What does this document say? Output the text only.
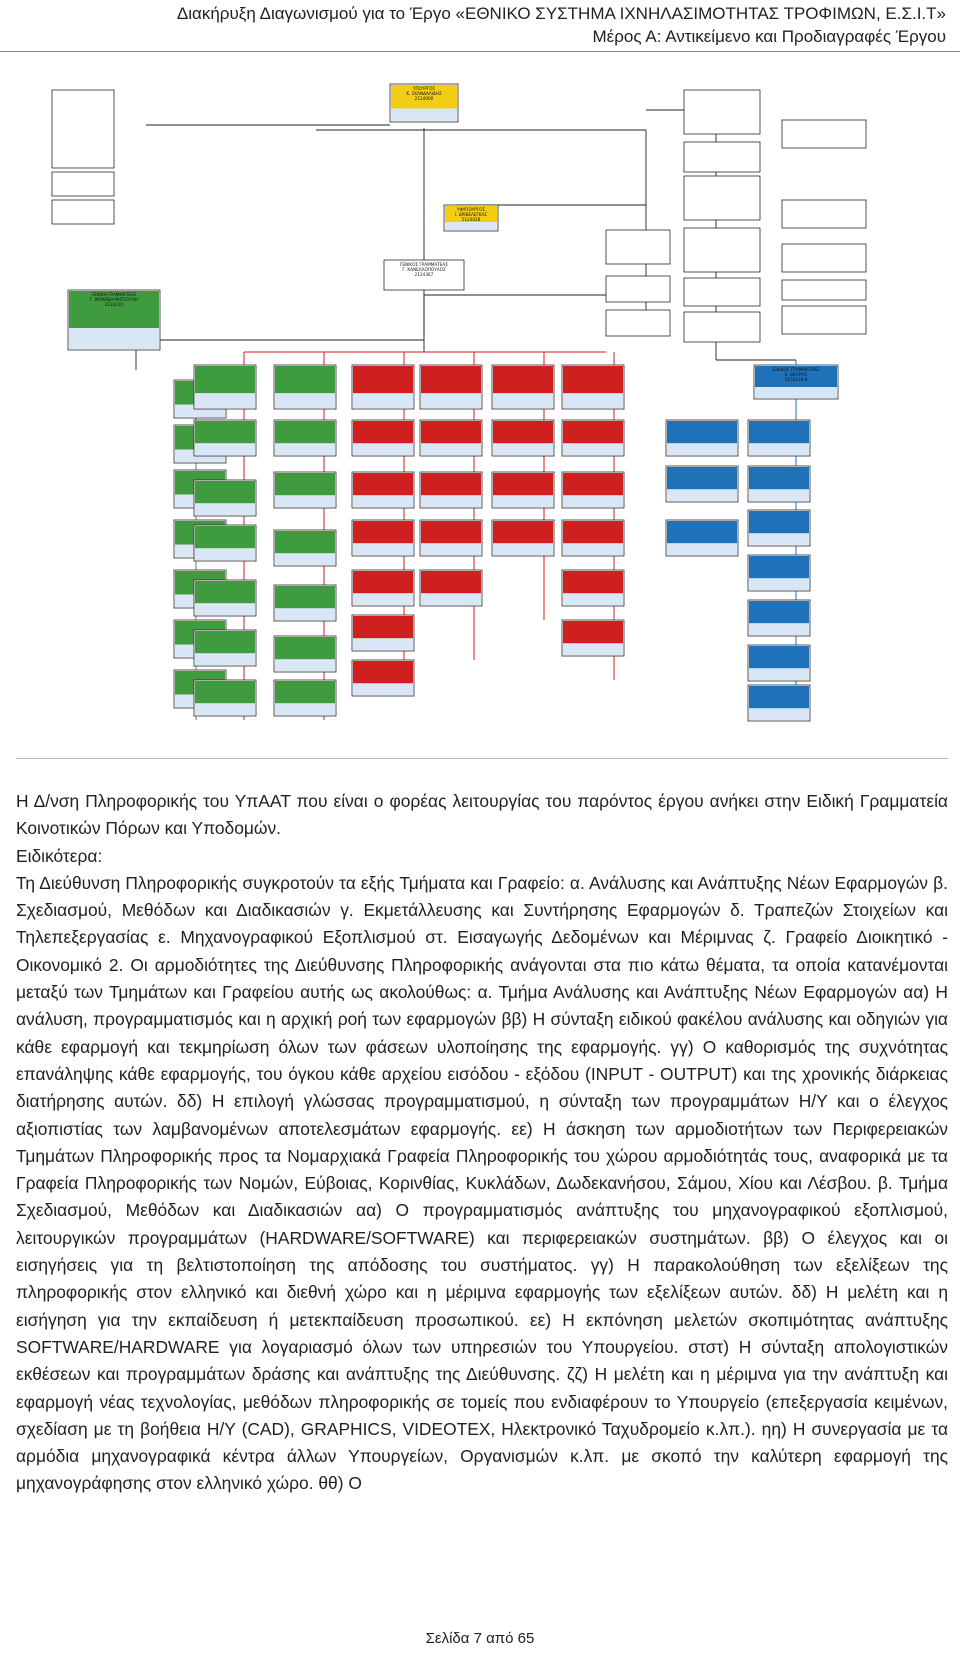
Διακήρυξη Διαγωνισμού για το Έργο «ΕΘΝΙΚΟ ΣΥΣΤΗΜΑ ΙΧΝΗΛΑΣΙΜΟΤΗΤΑΣ ΤΡΟΦΙΜΩΝ, Ε.Σ.Ι.Τ»
Μέρος Α: Αντικείμενο και Προδιαγραφές Έργου
ΥΠΟΥΡΓΟΣ
Κ. ΣΚΑΝΔΑΛΙΔΗΣ
2124000
ΥΦΥΠΟΥΡΓΟΣ
Ι. ΔΡΙΒΕΛΕΓΚΑΣ
2124028
ΓΕΝΙΚΟΣ ΓΡΑΜΜΑΤΕΑΣ
Γ. ΚΑΝΕΛΛΟΠΟΥΛΟΣ
2124367
ΓΕΝΙΚΗ ΓΡΑΜΜΑΤΕΑΣ
Γ. ΜΠΑΡΔΗ-ΜΗΤΣΟΥΛΗ
2124231
ΕΙΔΙΚΟΣ ΓΡΑΜΜΑΤΕΑΣ
Ε. ΘΕΑΡΗΣ
5276124-8

Η Δ/νση Πληροφορικής του ΥπΑΑΤ που είναι ο φορέας λειτουργίας του παρόντος έργου ανήκει στην Ειδική Γραμματεία Κοινοτικών Πόρων και Υποδομών.

Ειδικότερα:

Τη Διεύθυνση Πληροφορικής συγκροτούν τα εξής Τμήματα και Γραφείο: α. Ανάλυσης και Ανάπτυξης Νέων Εφαρμογών β. Σχεδιασμού, Μεθόδων και Διαδικασιών γ. Εκμετάλλευσης και Συντήρησης Εφαρμογών δ. Τραπεζών Στοιχείων και Τηλεπεξεργασίας ε. Μηχανογραφικού Εξοπλισμού στ. Εισαγωγής Δεδομένων και Μέριμνας ζ. Γραφείο Διοικητικό - Οικονομικό 2. Οι αρμοδιότητες της Διεύθυνσης Πληροφορικής ανάγονται στα πιο κάτω θέματα, τα οποία κατανέμονται μεταξύ των Τμημάτων και Γραφείου αυτής ως ακολούθως: α. Τμήμα Ανάλυσης και Ανάπτυξης Νέων Εφαρμογών αα) Η ανάλυση, προγραμματισμός και η αρχική ροή των εφαρμογών ββ) Η σύνταξη ειδικού φακέλου ανάλυσης και οδηγιών για κάθε εφαρμογή και τεκμηρίωση όλων των φάσεων υλοποίησης της εφαρμογής. γγ) Ο καθορισμός της συχνότητας επανάληψης κάθε εφαρμογής, του όγκου κάθε αρχείου εισόδου - εξόδου (INPUT - OUTPUT) και της χρονικής διάρκειας διατήρησης αυτών. δδ) Η επιλογή γλώσσας προγραμματισμού, η σύνταξη των προγραμμάτων Η/Υ και ο έλεγχος αξιοπιστίας των λαμβανομένων αποτελεσμάτων εφαρμογής. εε) Η άσκηση των αρμοδιοτήτων των Περιφερειακών Τμημάτων Πληροφορικής προς τα Νομαρχιακά Γραφεία Πληροφορικής του χώρου αρμοδιότητάς τους, αναφορικά με τα Γραφεία Πληροφορικής των Νομών, Εύβοιας, Κορινθίας, Κυκλάδων, Δωδεκανήσου, Σάμου, Χίου και Λέσβου. β. Τμήμα Σχεδιασμού, Μεθόδων και Διαδικασιών αα) Ο προγραμματισμός ανάπτυξης του μηχανογραφικού εξοπλισμού, λειτουργικών προγραμμάτων (HARDWARE/SOFTWARE) και περιφερειακών συστημάτων. ββ) Ο έλεγχος και οι εισηγήσεις για τη βελτιστοποίηση της απόδοσης του συστήματος. γγ) Η παρακολούθηση των εξελίξεων της πληροφορικής στον ελληνικό και διεθνή χώρο και η μέριμνα εφαρμογής των εξελίξεων αυτών. δδ) Η μελέτη και η εισήγηση για την εκπαίδευση ή μετεκπαίδευση προσωπικού. εε) Η εκπόνηση μελετών σκοπιμότητας ανάπτυξης SOFTWARE/HARDWARE για λογαριασμό όλων των υπηρεσιών του Υπουργείου. στστ) Η σύνταξη απολογιστικών εκθέσεων και προγραμμάτων δράσης και ανάπτυξης της Διεύθυνσης. ζζ) Η μελέτη και η μέριμνα για την ανάπτυξη και εφαρμογή νέας τεχνολογίας, μεθόδων πληροφορικής σε τομείς που ενδιαφέρουν το Υπουργείο (επεξεργασία κειμένων, σχεδίαση με τη βοήθεια Η/Υ (CAD), GRAPHICS, VIDEOTEX, Ηλεκτρονικό Ταχυδρομείο κ.λπ.). ηη) Η συνεργασία με τα αρμόδια μηχανογραφικά κέντρα άλλων Υπουργείων, Οργανισμών κ.λπ. με σκοπό την καλύτερη εφαρμογή της μηχανογράφησης στον ελληνικό χώρο. θθ) Ο

Σελίδα 7 από 65
